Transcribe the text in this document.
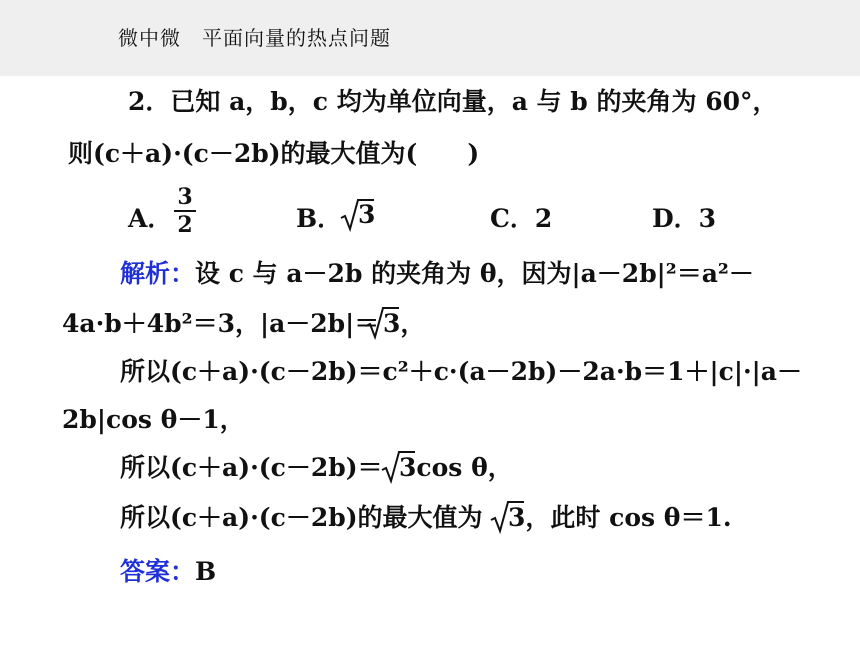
微中微　平面向量的热点问题
2．已知 a，b，c 均为单位向量，a 与 b 的夹角为 60°，
则(c＋a)·(c－2b)的最大值为(　　)
A． $\frac{3}{2}$	B． 3	C．2	D．3
解析：设 c 与 a－2b 的夹角为 θ，因为|a－2b|²＝a²－
4a·b＋4b²＝3，|a－2b|＝ 3，
所以(c＋a)·(c－2b)＝c²＋c·(a－2b)－2a·b＝1＋|c|·|a－
2b|cos θ－1，
所以(c＋a)·(c－2b)＝ 3cos θ，
所以(c＋a)·(c－2b)的最大值为 3，此时 cos θ＝1.
答案：B
